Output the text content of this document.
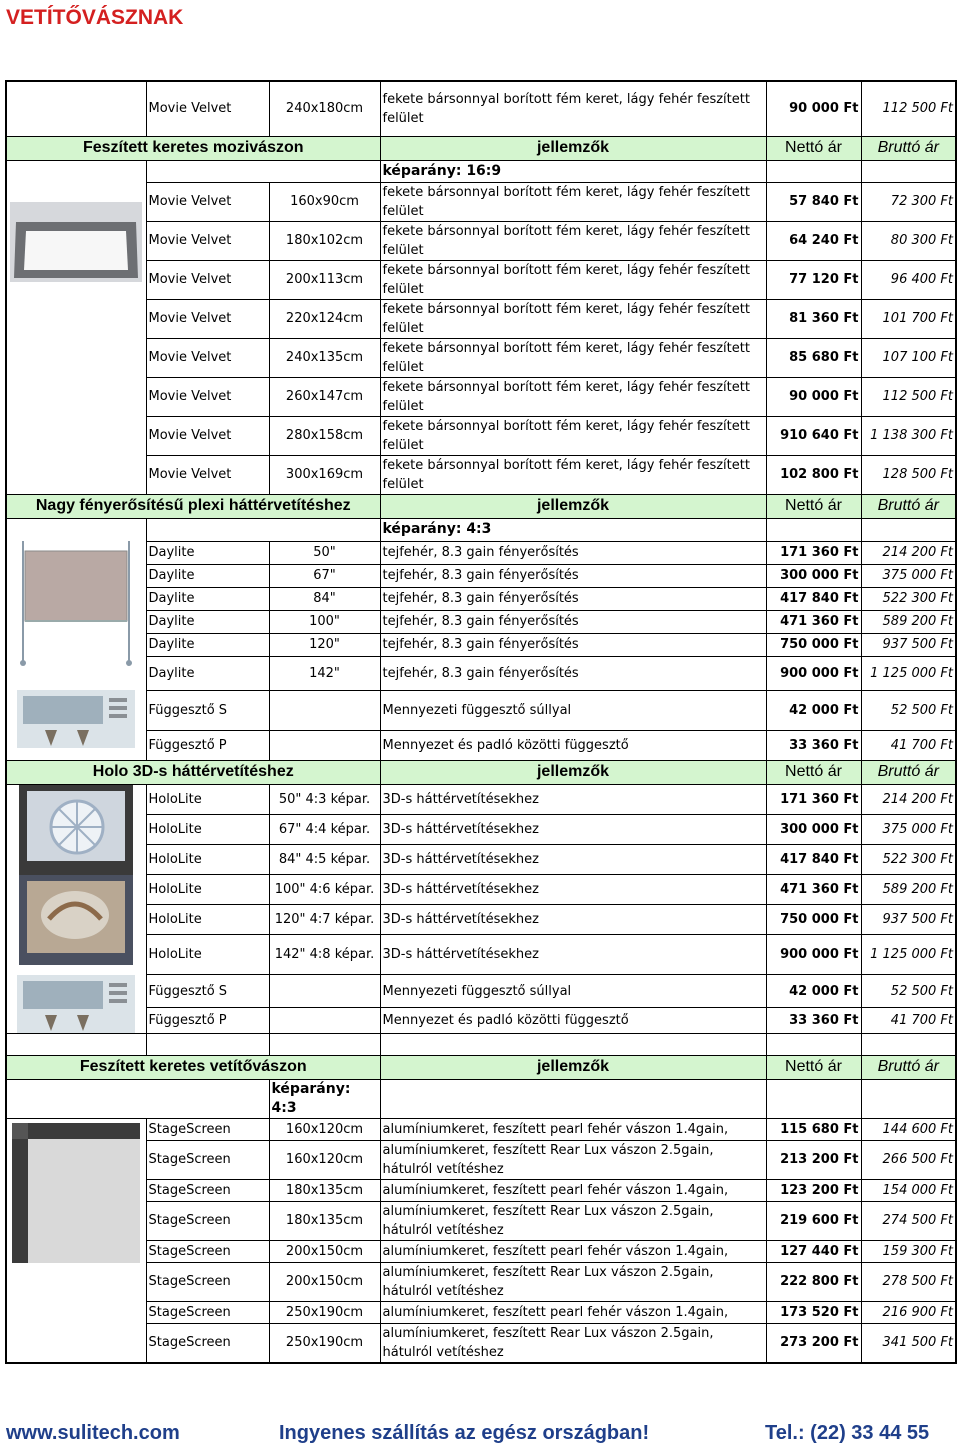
VETÍTŐVÁSZNAK
	Movie Velvet	240x180cm	fekete bársonnyal borított fém keret, lágy fehér feszített felület	90 000 Ft	112 500 Ft
Feszített keretes mozivászon			jellemzők	Nettó ár	Bruttó ár
			képarány: 16:9		

	Movie Velvet	160x90cm	fekete bársonnyal borított fém keret, lágy fehér feszített felület	57 840 Ft	72 300 Ft
	Movie Velvet	180x102cm	fekete bársonnyal borított fém keret, lágy fehér feszített felület	64 240 Ft	80 300 Ft
	Movie Velvet	200x113cm	fekete bársonnyal borított fém keret, lágy fehér feszített felület	77 120 Ft	96 400 Ft
	Movie Velvet	220x124cm	fekete bársonnyal borított fém keret, lágy fehér feszített felület	81 360 Ft	101 700 Ft
	Movie Velvet	240x135cm	fekete bársonnyal borított fém keret, lágy fehér feszített felület	85 680 Ft	107 100 Ft
	Movie Velvet	260x147cm	fekete bársonnyal borított fém keret, lágy fehér feszített felület	90 000 Ft	112 500 Ft
	Movie Velvet	280x158cm	fekete bársonnyal borított fém keret, lágy fehér feszített felület	910 640 Ft	1 138 300 Ft
	Movie Velvet	300x169cm	fekete bársonnyal borított fém keret, lágy fehér feszített felület	102 800 Ft	128 500 Ft
Nagy fényerősítésű plexi háttérvetítéshez			jellemzők	Nettó ár	Bruttó ár
			képarány: 4:3		

	Daylite	50"	tejfehér, 8.3 gain fényerősítés	171 360 Ft	214 200 Ft
	Daylite	67"	tejfehér, 8.3 gain fényerősítés	300 000 Ft	375 000 Ft
	Daylite	84"	tejfehér, 8.3 gain fényerősítés	417 840 Ft	522 300 Ft
	Daylite	100"	tejfehér, 8.3 gain fényerősítés	471 360 Ft	589 200 Ft
	Daylite	120"	tejfehér, 8.3 gain fényerősítés	750 000 Ft	937 500 Ft
	Daylite	142"	tejfehér, 8.3 gain fényerősítés	900 000 Ft	1 125 000 Ft

	Függesztő S		Mennyezeti függesztő súllyal	42 000 Ft	52 500 Ft
	Függesztő P		Mennyezet és padló közötti függesztő	33 360 Ft	41 700 Ft
Holo 3D-s háttérvetítéshez			jellemzők	Nettó ár	Bruttó ár

	HoloLite	50" 4:3 képar.	3D-s háttérvetítésekhez	171 360 Ft	214 200 Ft
	HoloLite	67" 4:4 képar.	3D-s háttérvetítésekhez	300 000 Ft	375 000 Ft
	HoloLite	84" 4:5 képar.	3D-s háttérvetítésekhez	417 840 Ft	522 300 Ft

	HoloLite	100" 4:6 képar.	3D-s háttérvetítésekhez	471 360 Ft	589 200 Ft
	HoloLite	120" 4:7 képar.	3D-s háttérvetítésekhez	750 000 Ft	937 500 Ft
	HoloLite	142" 4:8 képar.	3D-s háttérvetítésekhez	900 000 Ft	1 125 000 Ft

	Függesztő S		Mennyezeti függesztő súllyal	42 000 Ft	52 500 Ft
	Függesztő P		Mennyezet és padló közötti függesztő	33 360 Ft	41 700 Ft

Feszített keretes vetítővászon			jellemzők	Nettó ár	Bruttó ár
		képarány: 4:3			

	StageScreen	160x120cm	alumíniumkeret, feszített pearl fehér vászon 1.4gain,	115 680 Ft	144 600 Ft
	StageScreen	160x120cm	alumíniumkeret, feszített Rear Lux vászon 2.5gain, hátulról vetítéshez	213 200 Ft	266 500 Ft
	StageScreen	180x135cm	alumíniumkeret, feszített pearl fehér vászon 1.4gain,	123 200 Ft	154 000 Ft
	StageScreen	180x135cm	alumíniumkeret, feszített Rear Lux vászon 2.5gain, hátulról vetítéshez	219 600 Ft	274 500 Ft
	StageScreen	200x150cm	alumíniumkeret, feszített pearl fehér vászon 1.4gain,	127 440 Ft	159 300 Ft
	StageScreen	200x150cm	alumíniumkeret, feszített Rear Lux vászon 2.5gain, hátulról vetítéshez	222 800 Ft	278 500 Ft
	StageScreen	250x190cm	alumíniumkeret, feszített pearl fehér vászon 1.4gain,	173 520 Ft	216 900 Ft
	StageScreen	250x190cm	alumíniumkeret, feszített Rear Lux vászon 2.5gain, hátulról vetítéshez	273 200 Ft	341 500 Ft
www.sulitech.com	Ingyenes szállítás az egész országban!	Tel.: (22) 33 44 55
